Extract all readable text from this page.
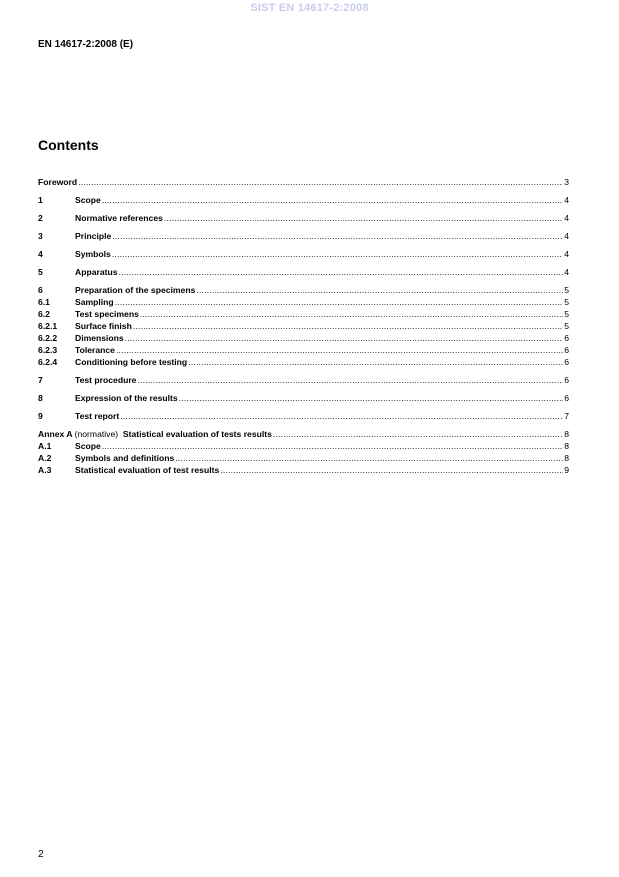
SIST EN 14617-2:2008
EN 14617-2:2008 (E)
Contents
Foreword .....	3
1	Scope .....	4
2	Normative references .....	4
3	Principle .....	4
4	Symbols .....	4
5	Apparatus .....	4
6	Preparation of the specimens .....	5
6.1	Sampling .....	5
6.2	Test specimens .....	5
6.2.1	Surface finish .....	5
6.2.2	Dimensions .....	6
6.2.3	Tolerance .....	6
6.2.4	Conditioning before testing .....	6
7	Test procedure .....	6
8	Expression of the results .....	6
9	Test report .....	7
Annex A (normative) Statistical evaluation of tests results .....	8
A.1	Scope .....	8
A.2	Symbols and definitions .....	8
A.3	Statistical evaluation of test results .....	9
2
